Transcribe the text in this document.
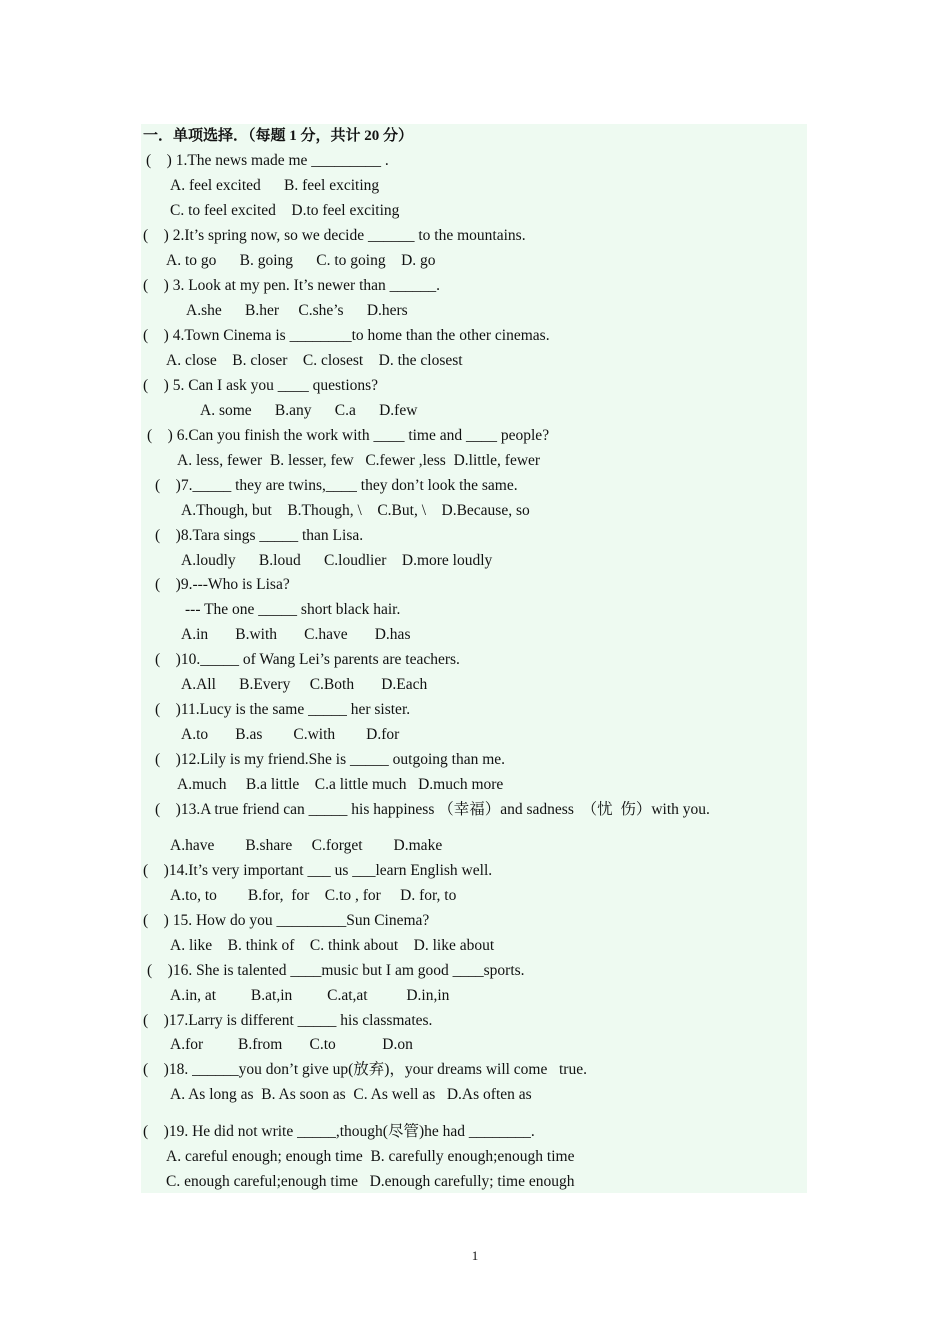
一．单项选择．（每题 1 分，共计 20 分）
(    ) 1.The news made me _________ .
A. feel excited      B. feel exciting
C. to feel excited    D.to feel exciting
(    ) 2.It’s spring now, so we decide ______ to the mountains.
A. to go      B. going      C. to going    D. go
(    ) 3. Look at my pen. It’s newer than ______.
A.she      B.her     C.she’s      D.hers
(    ) 4.Town Cinema is ________to home than the other cinemas.
A. close    B. closer    C. closest    D. the closest
(    ) 5. Can I ask you ____ questions?
A. some      B.any      C.a      D.few
(    ) 6.Can you finish the work with ____ time and ____ people?
A. less, fewer  B. lesser, few   C.fewer ,less  D.little, fewer
(    )7._____ they are twins,____ they don’t look the same.
A.Though, but    B.Though, \    C.But, \    D.Because, so
(    )8.Tara sings _____ than Lisa.
A.loudly      B.loud      C.loudlier    D.more loudly
(    )9.---Who is Lisa?
--- The one _____ short black hair.
A.in       B.with       C.have       D.has
(    )10._____ of Wang Lei’s parents are teachers.
A.All      B.Every     C.Both       D.Each
(    )11.Lucy is the same _____ her sister.
A.to       B.as        C.with        D.for
(    )12.Lily is my friend.She is _____ outgoing than me.
A.much     B.a little    C.a little much   D.much more
(    )13.A true friend can _____ his happiness （幸福）and sadness  （忧  伤）with you.
A.have        B.share     C.forget        D.make
(    )14.It’s very important ___ us ___learn English well.
A.to, to        B.for,  for    C.to , for     D. for, to
(    ) 15. How do you _________Sun Cinema?
A. like    B. think of    C. think about    D. like about
(    )16. She is talented ____music but I am good ____sports.
A.in, at         B.at,in         C.at,at          D.in,in
(    )17.Larry is different _____ his classmates.
A.for         B.from       C.to            D.on
(    )18. ______you don’t give up(放弃)，your dreams will come   true.
A. As long as  B. As soon as  C. As well as   D.As often as
(    )19. He did not write _____,though(尽管)he had ________.
A. careful enough; enough time  B. carefully enough;enough time
C. enough careful;enough time   D.enough carefully; time enough
1
